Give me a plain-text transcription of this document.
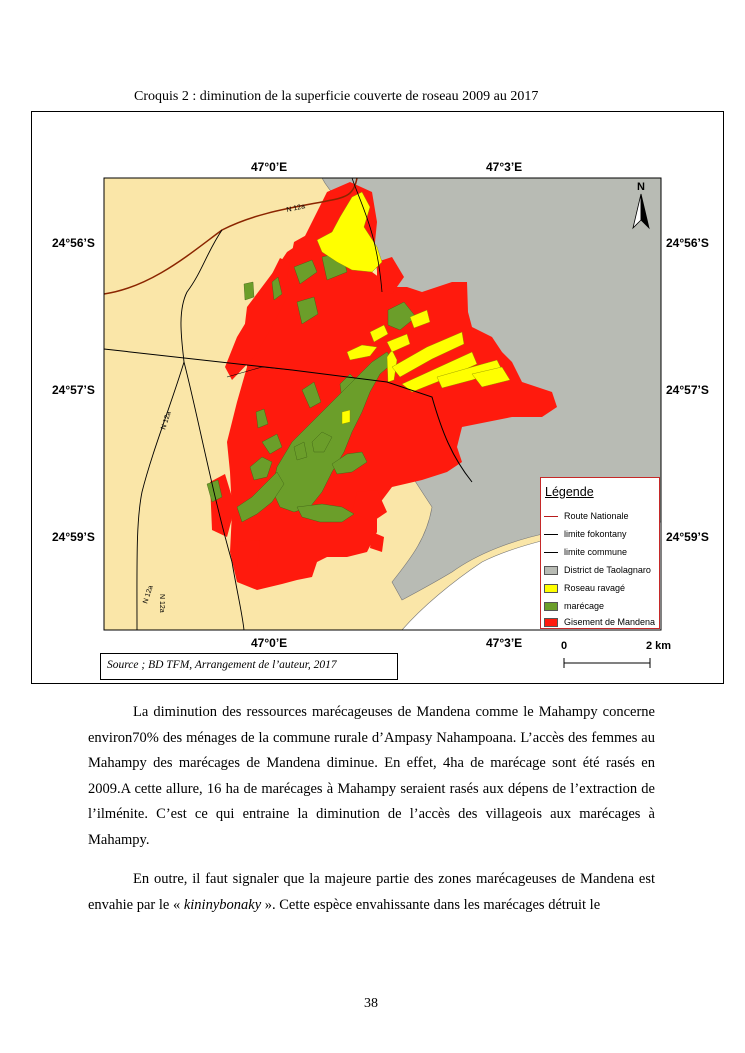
Croquis 2 : diminution de la superficie couverte de roseau 2009 au 2017
N 12a
N 12a
N 12a N 12a
N
47°0’E	47°3’E
47°0’E	47°3’E
24°56’S	24°56’S
24°57’S	24°57’S
24°59’S	24°59’S
Légende
Route Nationale
limite fokontany
limite commune
District de Taolagnaro
Roseau ravagé
marécage
Gisement de Mandena
0	2 km
Source ; BD TFM, Arrangement de l’auteur, 2017

La diminution des ressources marécageuses de Mandena comme le Mahampy concerne environ70% des ménages de la commune rurale d’Ampasy Nahampoana. L’accès des femmes au Mahampy des marécages de Mandena diminue. En effet, 4ha de marécage sont été rasés en 2009.A cette allure, 16 ha de marécages à Mahampy seraient rasés aux dépens de l’extraction de l’ilménite. C’est ce qui entraine la diminution de l’accès des villageois aux marécages à Mahampy.

En outre, il faut signaler que la majeure partie des zones marécageuses de Mandena est envahie par le « kininybonaky ». Cette espèce envahissante dans les marécages détruit le

38
